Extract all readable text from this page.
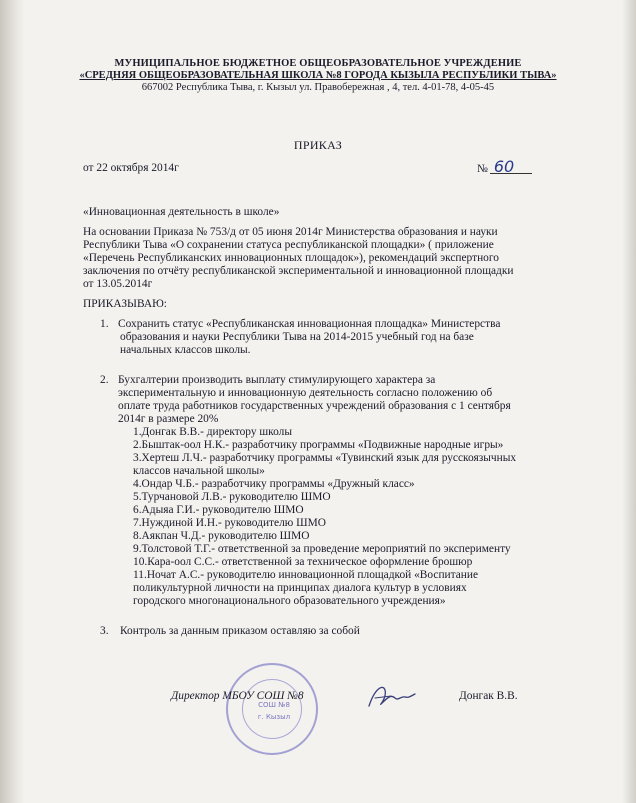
МУНИЦИПАЛЬНОЕ БЮДЖЕТНОЕ ОБЩЕОБРАЗОВАТЕЛЬНОЕ УЧРЕЖДЕНИЕ
«СРЕДНЯЯ ОБЩЕОБРАЗОВАТЕЛЬНАЯ ШКОЛА №8 ГОРОДА КЫЗЫЛА РЕСПУБЛИКИ ТЫВА»
667002 Республика Тыва, г. Кызыл ул. Правобережная , 4, тел. 4-01-78, 4-05-45
ПРИКАЗ
от 22 октября 2014г	№ 60
«Инновационная деятельность в школе»

На основании Приказа № 753/д от 05 июня 2014г Министерства образования и науки

Республики Тыва «О сохранении статуса республиканской площадки» ( приложение

«Перечень Республиканских инновационных площадок»), рекомендаций экспертного

заключения по отчёту республиканской экспериментальной и инновационной площадки

от 13.05.2014г

ПРИКАЗЫВАЮ:

1. Сохранить статус «Республиканская инновационная площадка» Министерства

образования и науки Республики Тыва на 2014-2015 учебный год на базе

начальных классов школы.

2. Бухгалтерии производить выплату стимулирующего характера за

экспериментальную и инновационную деятельность согласно положению об

оплате труда работников государственных учреждений образования с 1 сентября

2014г в размере 20%

1.Донгак В.В.- директору школы

2.Быштак-оол Н.К.- разработчику программы «Подвижные народные игры»

3.Хертеш Л.Ч.- разработчику программы «Тувинский язык для русскоязычных

классов начальной школы»

4.Ондар Ч.Б.- разработчику программы «Дружный класс»

5.Турчановой Л.В.- руководителю ШМО

6.Адыяа Г.И.- руководителю ШМО

7.Нуждиной И.Н.- руководителю ШМО

8.Аякпан Ч.Д.- руководителю ШМО

9.Толстовой Т.Г.- ответственной за проведение мероприятий по эксперименту

10.Кара-оол С.С.- ответственной за техническое оформление брошюр

11.Ночат А.С.- руководителю инновационной площадкой «Воспитание

поликультурной личности на принципах диалога культур в условиях

городского многонационального образовательного учреждения»

3. Контроль за данным приказом оставляю за собой

СОШ №8
г. Кызыл

Директор МБОУ СОШ №8	Донгак В.В.
